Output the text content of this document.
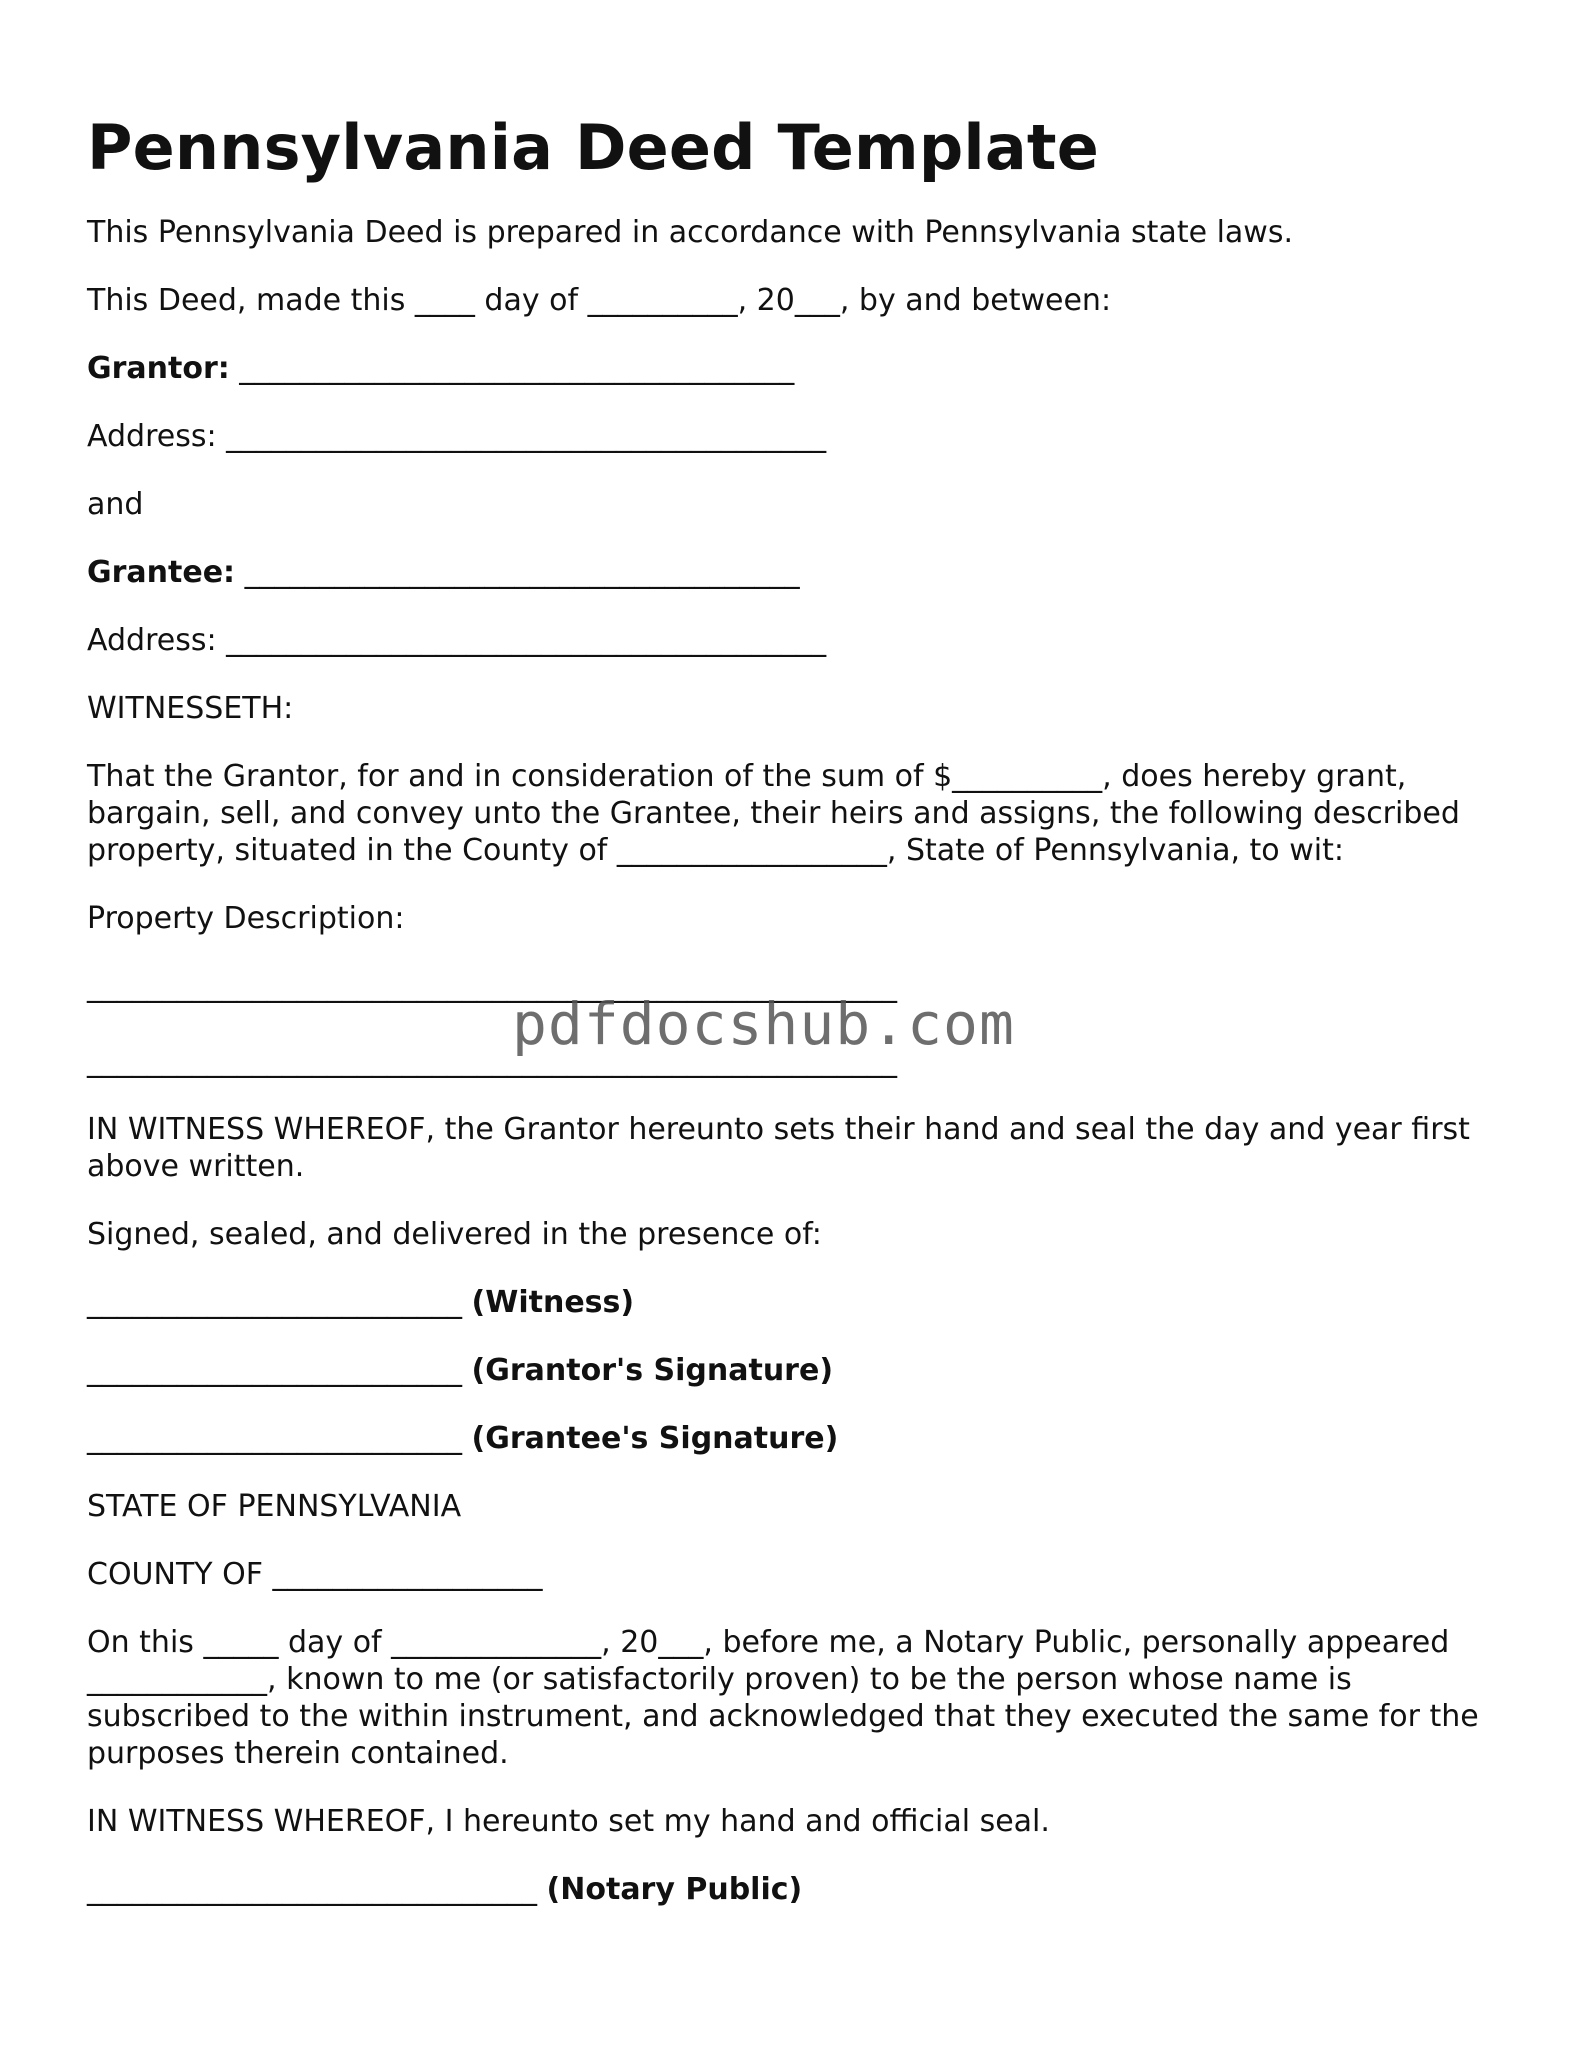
Pennsylvania Deed Template

This Pennsylvania Deed is prepared in accordance with Pennsylvania state laws.

This Deed, made this ____ day of __________, 20___, by and between:

Grantor: _____________________________________

Address: ________________________________________

and

Grantee: _____________________________________

Address: ________________________________________

WITNESSETH:

That the Grantor, for and in consideration of the sum of $__________, does hereby grant, bargain, sell, and convey unto the Grantee, their heirs and assigns, the following described property, situated in the County of __________________, State of Pennsylvania, to wit:

Property Description:

______________________________________________________

______________________________________________________

IN WITNESS WHEREOF, the Grantor hereunto sets their hand and seal the day and year first above written.

Signed, sealed, and delivered in the presence of:

_________________________ (Witness)

_________________________ (Grantor's Signature)

_________________________ (Grantee's Signature)

STATE OF PENNSYLVANIA

COUNTY OF __________________

On this _____ day of ______________, 20___, before me, a Notary Public, personally appeared ____________, known to me (or satisfactorily proven) to be the person whose name is subscribed to the within instrument, and acknowledged that they executed the same for the purposes therein contained.

IN WITNESS WHEREOF, I hereunto set my hand and official seal.

______________________________ (Notary Public)

pdfdocshub.com
